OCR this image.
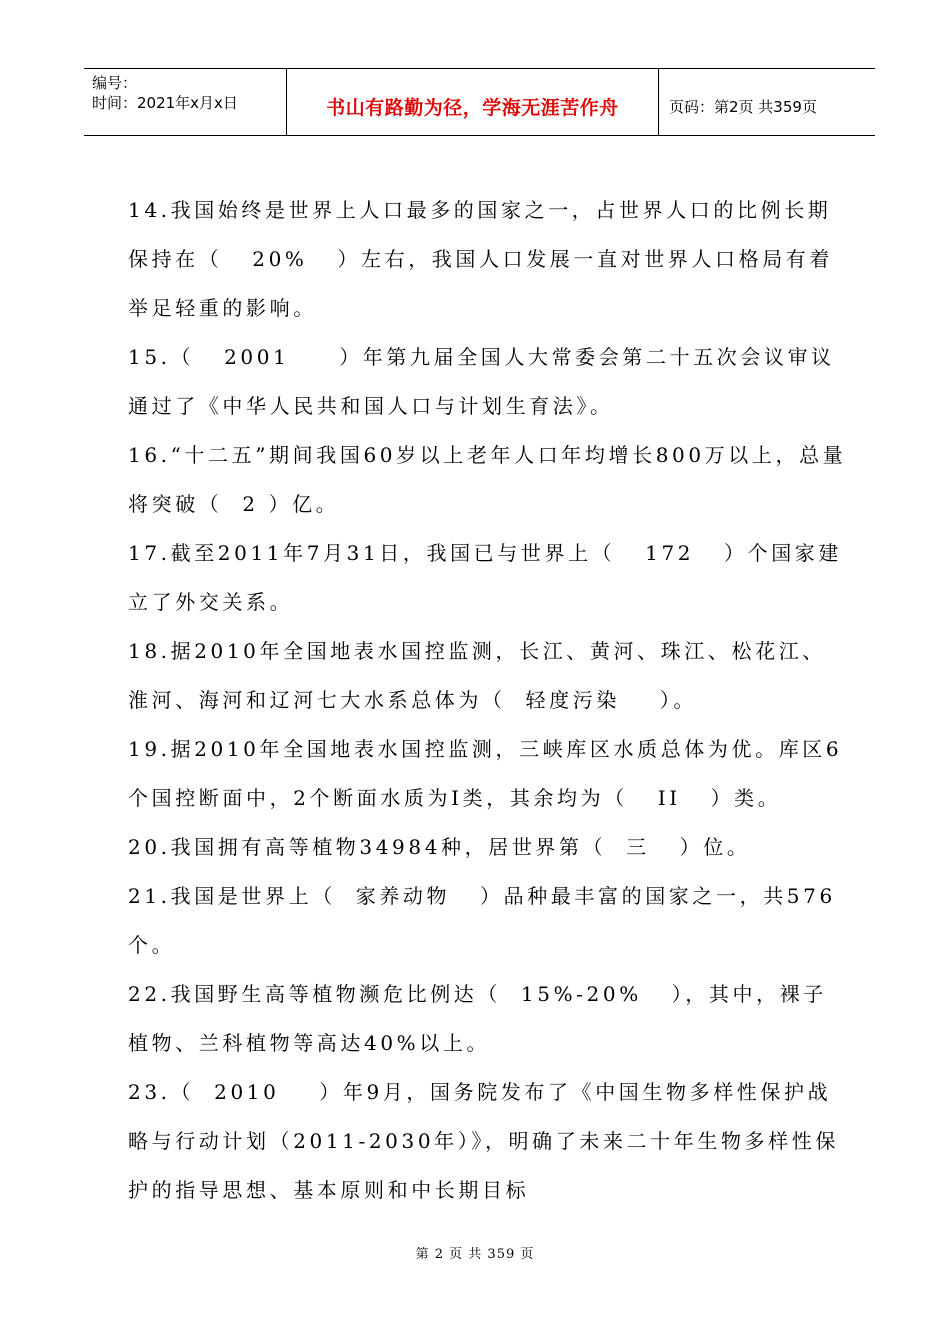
编号：
时间：2021年x月x日	书山有路勤为径，学海无涯苦作舟	页码：第2页 共359页

14.我国始终是世界上人口最多的国家之一，占世界人口的比例长期保持在（   20%   ）左右，我国人口发展一直对世界人口格局有着举足轻重的影响。

15.（   2001     ）年第九届全国人大常委会第二十五次会议审议通过了《中华人民共和国人口与计划生育法》。

16.“十二五”期间我国60岁以上老年人口年均增长800万以上，总量将突破（  2 ）亿。

17.截至2011年7月31日，我国已与世界上（   172   ）个国家建立了外交关系。

18.据2010年全国地表水国控监测，长江、黄河、珠江、松花江、淮河、海河和辽河七大水系总体为（  轻度污染    ）。

19.据2010年全国地表水国控监测，三峡库区水质总体为优。库区6个国控断面中，2个断面水质为I类，其余均为（   II   ）类。

20.我国拥有高等植物34984种，居世界第（  三   ）位。

21.我国是世界上（  家养动物   ）品种最丰富的国家之一，共576个。

22.我国野生高等植物濒危比例达（  15%-20%   ），其中，裸子植物、兰科植物等高达40%以上。

23.（  2010    ）年9月，国务院发布了《中国生物多样性保护战略与行动计划（2011-2030年）》，明确了未来二十年生物多样性保护的指导思想、基本原则和中长期目标

第 2 页 共 359 页
